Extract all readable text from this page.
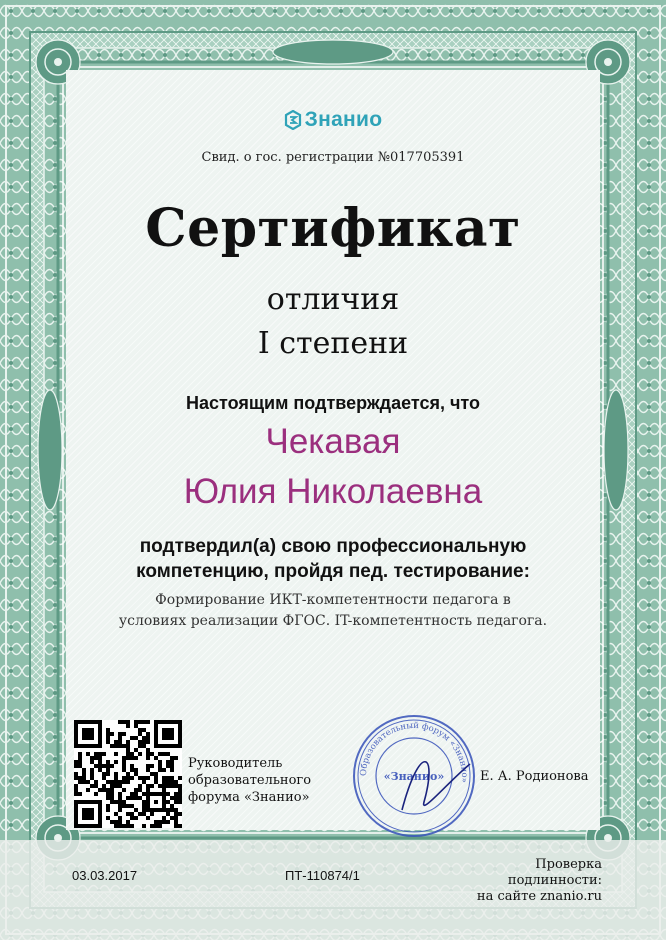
Знанио
Свид. о гос. регистрации №017705391
Сертификат
отличия
I степени
Настоящим подтверждается, что
Чекавая
Юлия Николаевна
подтвердил(а) свою профессиональную
компетенцию, пройдя пед. тестирование:
Формирование ИКТ-компетентности педагога в
условиях реализации ФГОС. IT-компетентность педагога.
Руководитель
образовательного
форума «Знанио»
Образовательный форум «Знанио»
«Знанио»	Е. А. Родионова
03.03.2017	ПТ-110874/1
Проверка
подлинности:
на сайте znanio.ru
